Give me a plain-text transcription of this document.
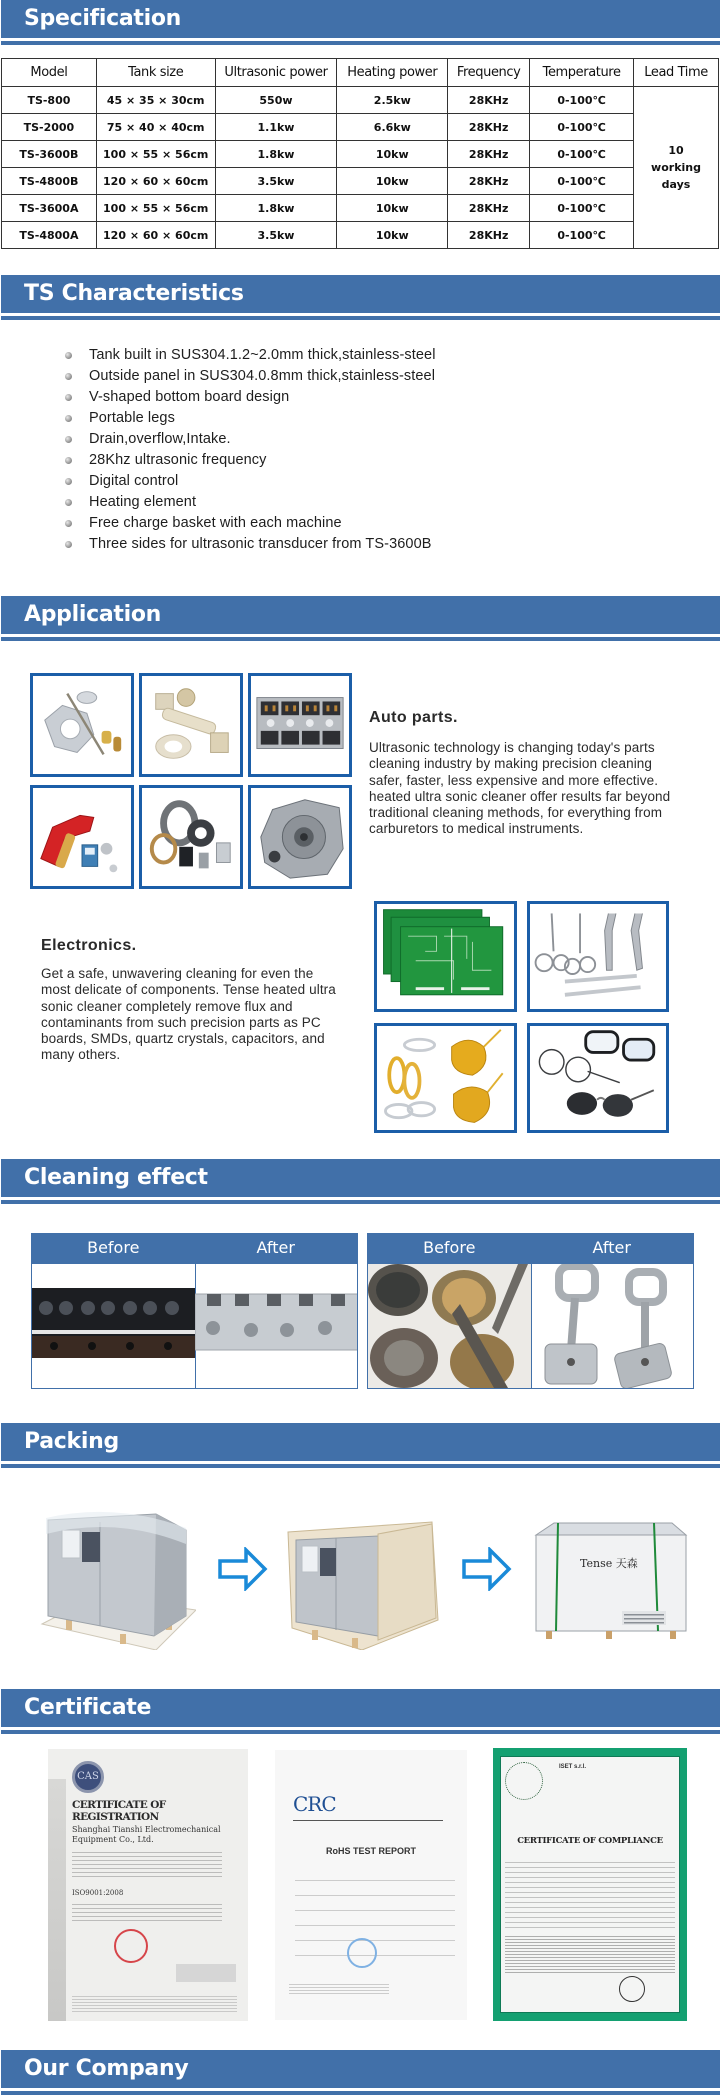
Specification
Model	Tank size	Ultrasonic power	Heating power	Frequency	Temperature	Lead Time
TS-800	45 × 35 × 30cm	550w	2.5kw	28KHz	0-100℃	10
working
days

TS-2000	75 × 40 × 40cm	1.1kw	6.6kw	28KHz	0-100℃	
TS-3600B	100 × 55 × 56cm	1.8kw	10kw	28KHz	0-100℃	
TS-4800B	120 × 60 × 60cm	3.5kw	10kw	28KHz	0-100℃	
TS-3600A	100 × 55 × 56cm	1.8kw	10kw	28KHz	0-100℃	
TS-4800A	120 × 60 × 60cm	3.5kw	10kw	28KHz	0-100℃	
TS Characteristics
Tank built in SUS304.1.2~2.0mm thick,stainless-steel
Outside panel in SUS304.0.8mm thick,stainless-steel
V-shaped bottom board design
Portable legs
Drain,overflow,Intake.
28Khz ultrasonic frequency
Digital control
Heating element
Free charge basket with each machine
Three sides for ultrasonic transducer from TS-3600B
Application
Auto parts.
Ultrasonic technology is changing today's parts cleaning industry by making precision cleaning safer, faster, less expensive and more effective. heated ultra sonic cleaner offer results far beyond traditional cleaning methods, for everything from carburetors to medical instruments.
Electronics.
Get a safe, unwavering cleaning for even the most delicate of components. Tense heated ultra sonic cleaner completely remove flux and contaminants from such precision parts as PC boards, SMDs, quartz crystals, capacitors, and many others.
Cleaning effect
Before	After	Before	After
Packing
Tense 天森
Certificate
CAS
CERTIFICATE OF REGISTRATION
Shanghai Tianshi Electromechanical Equipment Co., Ltd.
ISO9001:2008
CRC
RoHS TEST REPORT
ISET s.r.l.
CERTIFICATE OF COMPLIANCE
Our Company
